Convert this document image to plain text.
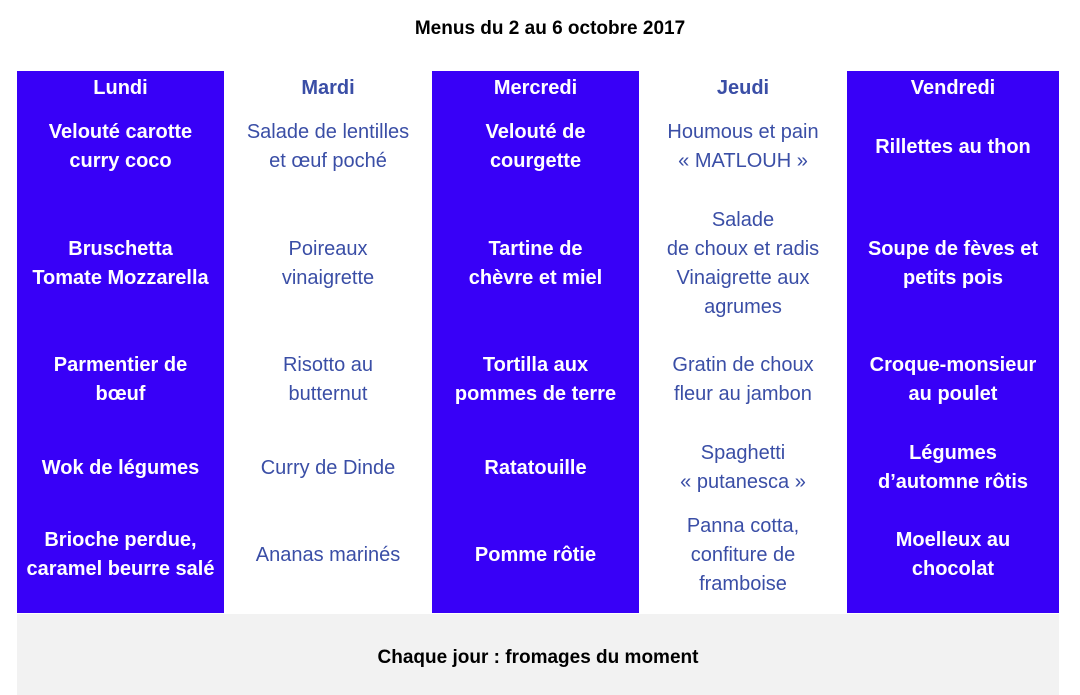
Menus du 2 au 6 octobre 2017
Lundi
Velouté carotte
curry coco
Bruschetta
Tomate Mozzarella
Parmentier de
bœuf
Wok de légumes
Brioche perdue,
caramel beurre salé
Mardi
Salade de lentilles
et œuf poché
Poireaux
vinaigrette
Risotto au
butternut
Curry de Dinde
Ananas marinés
Mercredi
Velouté de
courgette
Tartine de
chèvre et miel
Tortilla aux
pommes de terre
Ratatouille
Pomme rôtie
Jeudi
Houmous et pain
« MATLOUH »
Salade
de choux et radis
Vinaigrette aux
agrumes
Gratin de choux
fleur au jambon
Spaghetti
« putanesca »
Panna cotta,
confiture de
framboise
Vendredi
Rillettes au thon
Soupe de fèves et
petits pois
Croque-monsieur
au poulet
Légumes
d’automne rôtis
Moelleux au
chocolat
Chaque jour : fromages du moment
